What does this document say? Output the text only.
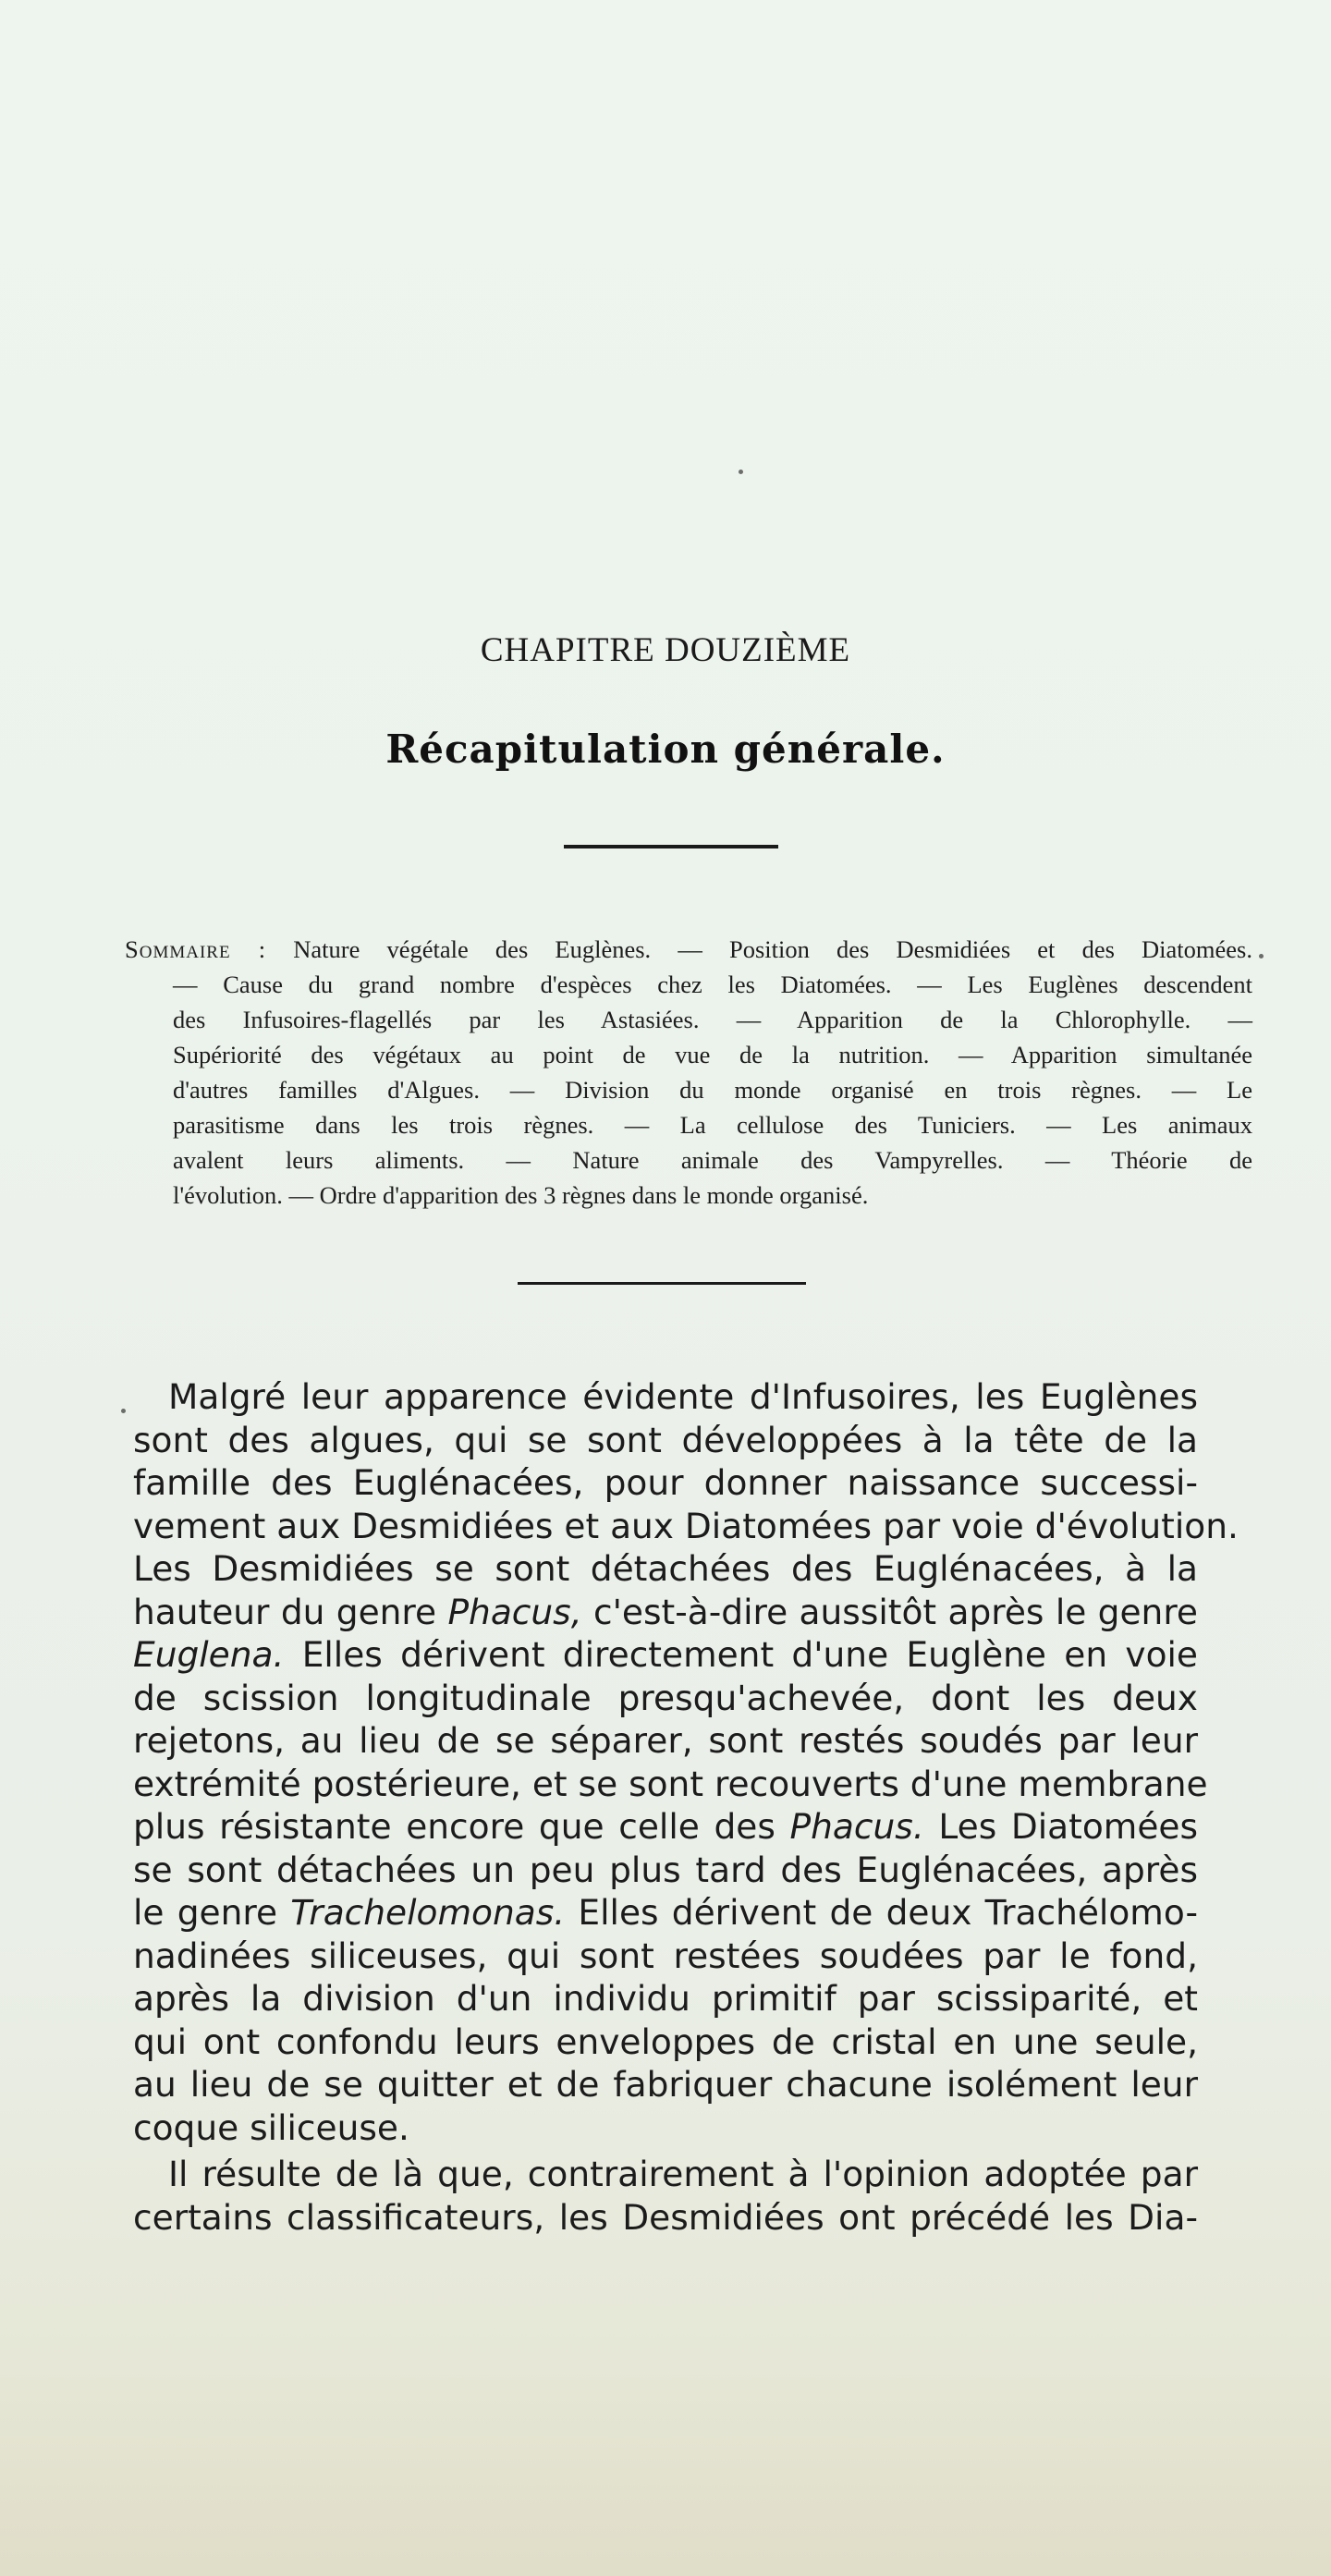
CHAPITRE DOUZIÈME
Récapitulation générale.
Sommaire : Nature végétale des Euglènes. — Position des Desmidiées et des Diatomées.
— Cause du grand nombre d'espèces chez les Diatomées. — Les Euglènes descendent
des Infusoires-flagellés par les Astasiées. — Apparition de la Chlorophylle. —
Supériorité des végétaux au point de vue de la nutrition. — Apparition simultanée
d'autres familles d'Algues. — Division du monde organisé en trois règnes. — Le
parasitisme dans les trois règnes. — La cellulose des Tuniciers. — Les animaux
avalent leurs aliments. — Nature animale des Vampyrelles. — Théorie de
l'évolution. — Ordre d'apparition des 3 règnes dans le monde organisé.
Malgré leur apparence évidente d'Infusoires, les Euglènes
sont des algues, qui se sont développées à la tête de la
famille des Euglénacées, pour donner naissance successi-
vement aux Desmidiées et aux Diatomées par voie d'évolution.
Les Desmidiées se sont détachées des Euglénacées, à la
hauteur du genre Phacus, c'est-à-dire aussitôt après le genre
Euglena. Elles dérivent directement d'une Euglène en voie
de scission longitudinale presqu'achevée, dont les deux
rejetons, au lieu de se séparer, sont restés soudés par leur
extrémité postérieure, et se sont recouverts d'une membrane
plus résistante encore que celle des Phacus. Les Diatomées
se sont détachées un peu plus tard des Euglénacées, après
le genre Trachelomonas. Elles dérivent de deux Trachélomo-
nadinées siliceuses, qui sont restées soudées par le fond,
après la division d'un individu primitif par scissiparité, et
qui ont confondu leurs enveloppes de cristal en une seule,
au lieu de se quitter et de fabriquer chacune isolément leur
coque siliceuse.
Il résulte de là que, contrairement à l'opinion adoptée par
certains classificateurs, les Desmidiées ont précédé les Dia-
